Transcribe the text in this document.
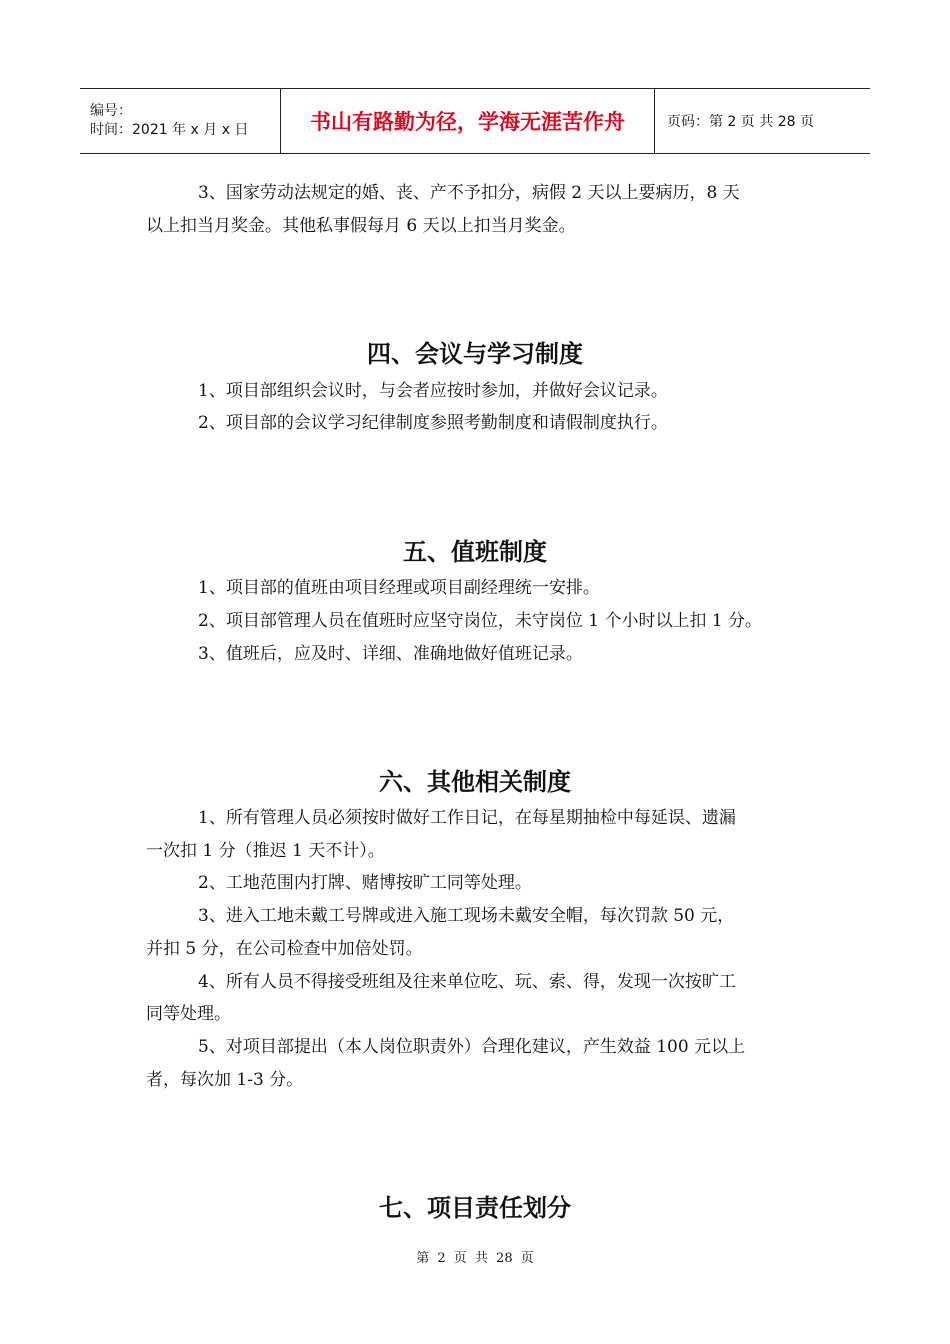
编号：
时间：2021 年 x 月 x 日	书山有路勤为径，学海无涯苦作舟	页码：第 2 页 共 28 页

3、国家劳动法规定的婚、丧、产不予扣分，病假 2 天以上要病历，8 天

以上扣当月奖金。其他私事假每月 6 天以上扣当月奖金。

四、会议与学习制度

1、项目部组织会议时，与会者应按时参加，并做好会议记录。

2、项目部的会议学习纪律制度参照考勤制度和请假制度执行。

五、值班制度

1、项目部的值班由项目经理或项目副经理统一安排。

2、项目部管理人员在值班时应坚守岗位，未守岗位 1 个小时以上扣 1 分。

3、值班后，应及时、详细、准确地做好值班记录。

六、其他相关制度

1、所有管理人员必须按时做好工作日记，在每星期抽检中每延误、遗漏

一次扣 1 分（推迟 1 天不计）。

2、工地范围内打牌、赌博按旷工同等处理。

3、进入工地未戴工号牌或进入施工现场未戴安全帽，每次罚款 50 元，

并扣 5 分，在公司检查中加倍处罚。

4、所有人员不得接受班组及往来单位吃、玩、索、得，发现一次按旷工

同等处理。

5、对项目部提出（本人岗位职责外）合理化建议，产生效益 100 元以上

者，每次加 1-3 分。

七、项目责任划分
第 2 页 共 28 页
